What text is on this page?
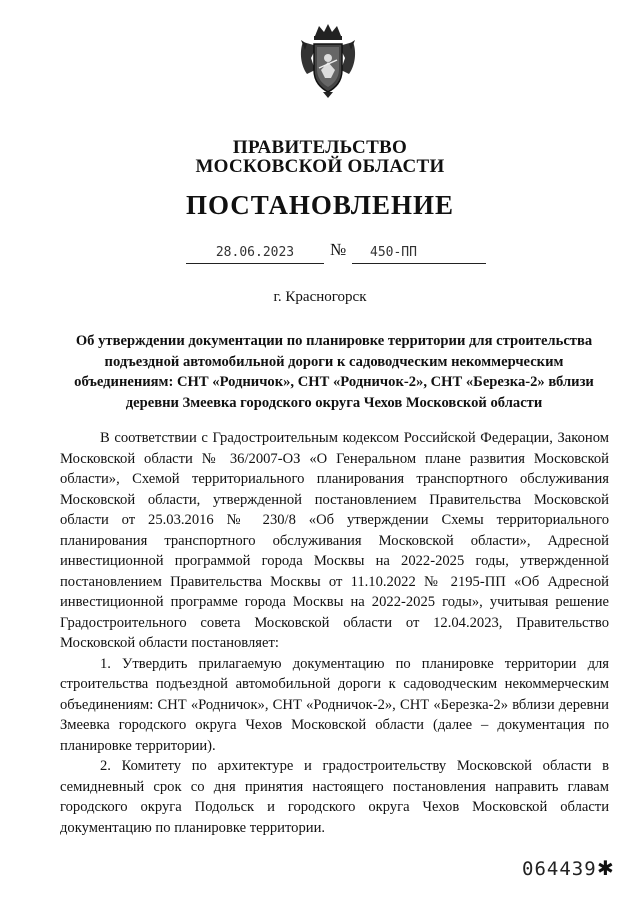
ПРАВИТЕЛЬСТВО
МОСКОВСКОЙ ОБЛАСТИ
ПОСТАНОВЛЕНИЕ
28.06.2023	№	450-ПП
г. Красногорск
Об утверждении документации по планировке территории для строительства подъездной автомобильной дороги к садоводческим некоммерческим объединениям: СНТ «Родничок», СНТ «Родничок-2», СНТ «Березка-2» вблизи деревни Змеевка городского округа Чехов Московской области

В соответствии с Градостроительным кодексом Российской Федерации, Законом Московской области № 36/2007-ОЗ «О Генеральном плане развития Московской области», Схемой территориального планирования транспортного обслуживания Московской области, утвержденной постановлением Правительства Московской области от 25.03.2016 № 230/8 «Об утверждении Схемы территориального планирования транспортного обслуживания Московской области», Адресной инвестиционной программой города Москвы на 2022-2025 годы, утвержденной постановлением Правительства Москвы от 11.10.2022 № 2195-ПП «Об Адресной инвестиционной программе города Москвы на 2022-2025 годы», учитывая решение Градостроительного совета Московской области от 12.04.2023, Правительство Московской области постановляет:

1. Утвердить прилагаемую документацию по планировке территории для строительства подъездной автомобильной дороги к садоводческим некоммерческим объединениям: СНТ «Родничок», СНТ «Родничок-2», СНТ «Березка-2» вблизи деревни Змеевка городского округа Чехов Московской области (далее – документация по планировке территории).

2. Комитету по архитектуре и градостроительству Московской области в семидневный срок со дня принятия настоящего постановления направить главам городского округа Подольск и городского округа Чехов Московской области документацию по планировке территории.

064439 ✱
